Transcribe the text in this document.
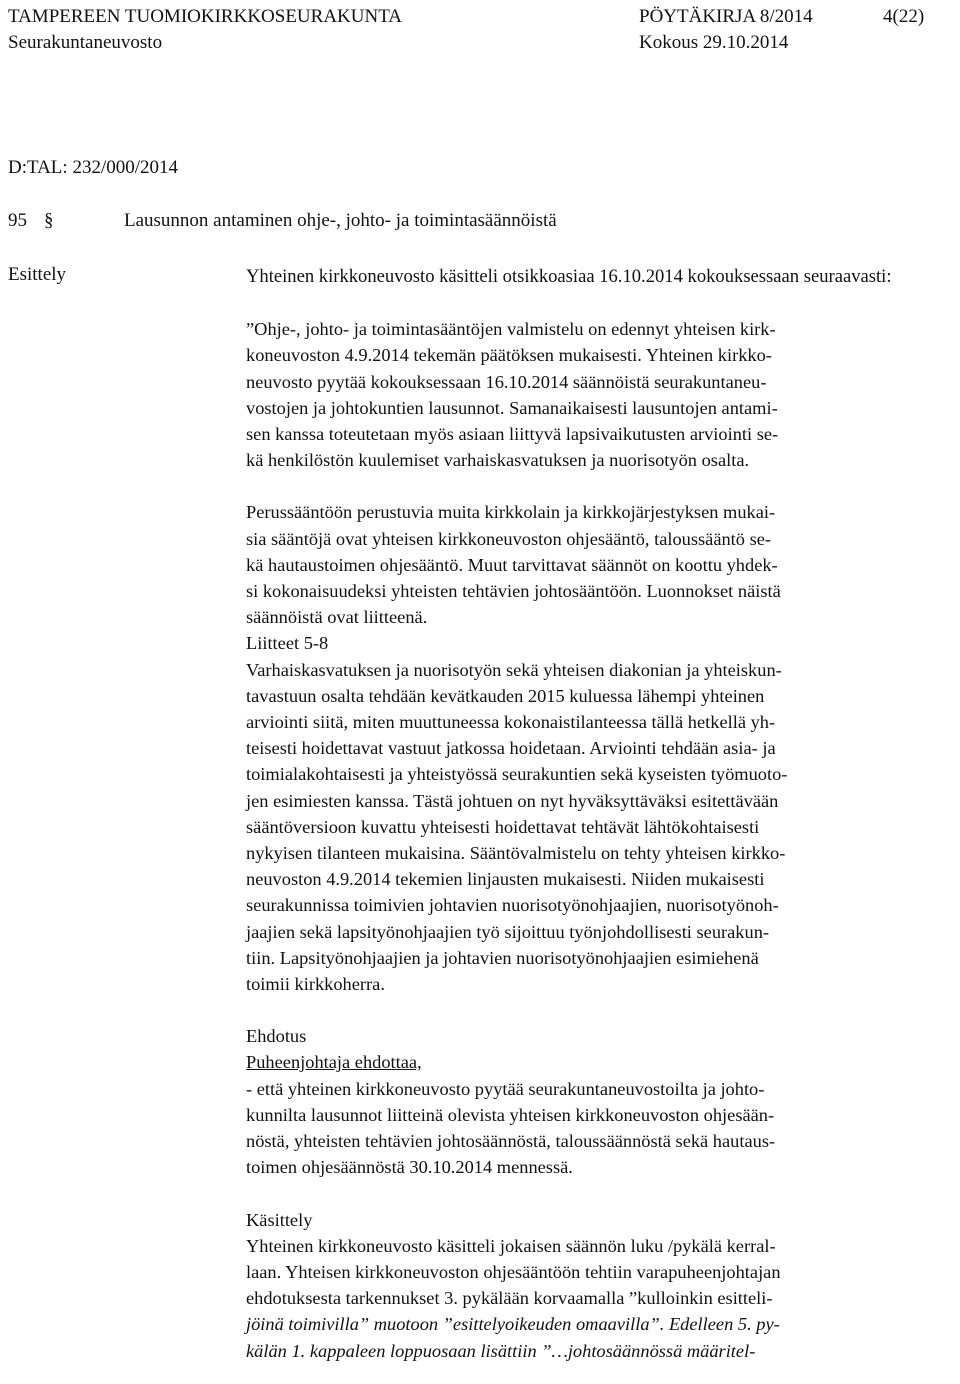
TAMPEREEN TUOMIOKIRKKOSEURAKUNTA	PÖYTÄKIRJA 8/2014	4(22)
Seurakuntaneuvosto	Kokous 29.10.2014
D:TAL: 232/000/2014
95 §	Lausunnon antaminen ohje-, johto- ja toimintasäännöistä
Esittely	Yhteinen kirkkoneuvosto käsitteli otsikkoasiaa 16.10.2014 kokouksessaan seuraavasti:

”Ohje-, johto- ja toimintasääntöjen valmistelu on edennyt yhteisen kirk-
koneuvoston 4.9.2014 tekemän päätöksen mukaisesti. Yhteinen kirkko-
neuvosto pyytää kokouksessaan 16.10.2014 säännöistä seurakuntaneu-
vostojen ja johtokuntien lausunnot. Samanaikaisesti lausuntojen antami-
sen kanssa toteutetaan myös asiaan liittyvä lapsivaikutusten arviointi se-
kä henkilöstön kuulemiset varhaiskasvatuksen ja nuorisotyön osalta.
Perussääntöön perustuvia muita kirkkolain ja kirkkojärjestyksen mukai-
sia sääntöjä ovat yhteisen kirkkoneuvoston ohjesääntö, taloussääntö se-
kä hautaustoimen ohjesääntö. Muut tarvittavat säännöt on koottu yhdek-
si kokonaisuudeksi yhteisten tehtävien johtosääntöön. Luonnokset näistä
säännöistä ovat liitteenä.
Liitteet 5-8
Varhaiskasvatuksen ja nuorisotyön sekä yhteisen diakonian ja yhteiskun-
tavastuun osalta tehdään kevätkauden 2015 kuluessa lähempi yhteinen
arviointi siitä, miten muuttuneessa kokonaistilanteessa tällä hetkellä yh-
teisesti hoidettavat vastuut jatkossa hoidetaan. Arviointi tehdään asia- ja
toimialakohtaisesti ja yhteistyössä seurakuntien sekä kyseisten työmuoto-
jen esimiesten kanssa. Tästä johtuen on nyt hyväksyttäväksi esitettävään
sääntöversioon kuvattu yhteisesti hoidettavat tehtävät lähtökohtaisesti
nykyisen tilanteen mukaisina. Sääntövalmistelu on tehty yhteisen kirkko-
neuvoston 4.9.2014 tekemien linjausten mukaisesti. Niiden mukaisesti
seurakunnissa toimivien johtavien nuorisotyönohjaajien, nuorisotyönoh-
jaajien sekä lapsityönohjaajien työ sijoittuu työnjohdollisesti seurakun-
tiin. Lapsityönohjaajien ja johtavien nuorisotyönohjaajien esimiehenä
toimii kirkkoherra.
Ehdotus
Puheenjohtaja ehdottaa,
- että yhteinen kirkkoneuvosto pyytää seurakuntaneuvostoilta ja johto-
kunnilta lausunnot liitteinä olevista yhteisen kirkkoneuvoston ohjesään-
nöstä, yhteisten tehtävien johtosäännöstä, taloussäännöstä sekä hautaus-
toimen ohjesäännöstä 30.10.2014 mennessä.
Käsittely
Yhteinen kirkkoneuvosto käsitteli jokaisen säännön luku /pykälä kerral-
laan. Yhteisen kirkkoneuvoston ohjesääntöön tehtiin varapuheenjohtajan
ehdotuksesta tarkennukset 3. pykälään korvaamalla ”kulloinkin esitteli-
jöinä toimivilla” muotoon ”esittelyoikeuden omaavilla”. Edelleen 5. py-
kälän 1. kappaleen loppuosaan lisättiin ”…johtosäännössä määritel-
